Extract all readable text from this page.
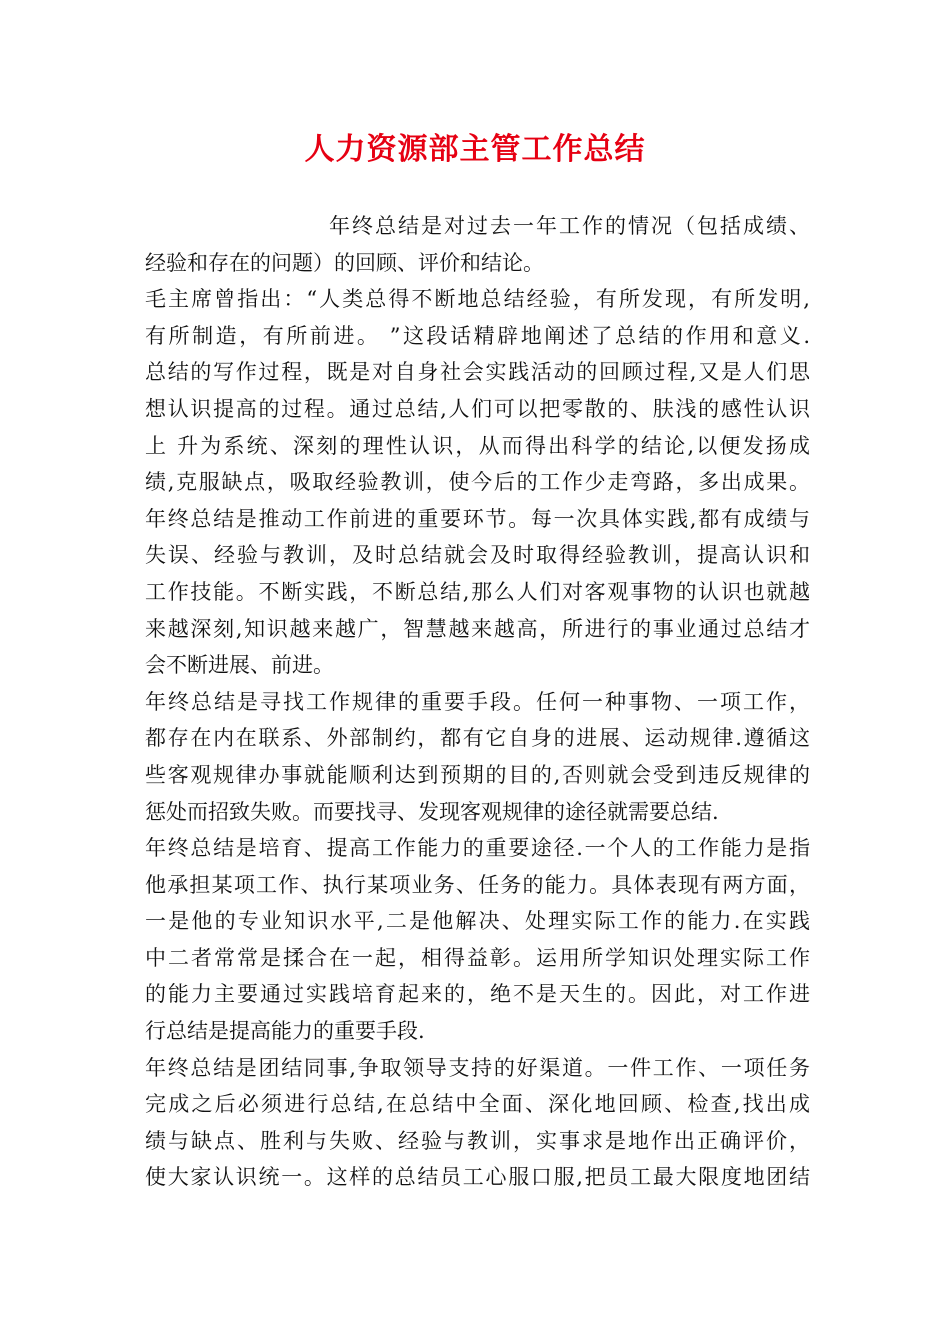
人力资源部主管工作总结
年终总结是对过去一年工作的情况（包括成绩、
经验和存在的问题）的回顾、评价和结论。
毛主席曾指出：“人类总得不断地总结经验，有所发现，有所发明,
有所制造，有所前进。 ”这段话精辟地阐述了总结的作用和意义.
总结的写作过程，既是对自身社会实践活动的回顾过程,又是人们思
想认识提高的过程。通过总结,人们可以把零散的、肤浅的感性认识
上 升为系统、深刻的理性认识，从而得出科学的结论,以便发扬成
绩,克服缺点，吸取经验教训，使今后的工作少走弯路，多出成果。
年终总结是推动工作前进的重要环节。每一次具体实践,都有成绩与
失误、经验与教训，及时总结就会及时取得经验教训，提高认识和
工作技能。不断实践，不断总结,那么人们对客观事物的认识也就越
来越深刻,知识越来越广，智慧越来越高，所进行的事业通过总结才
会不断进展、前进。
年终总结是寻找工作规律的重要手段。任何一种事物、一项工作，
都存在内在联系、外部制约，都有它自身的进展、运动规律.遵循这
些客观规律办事就能顺利达到预期的目的,否则就会受到违反规律的
惩处而招致失败。而要找寻、发现客观规律的途径就需要总结.
年终总结是培育、提高工作能力的重要途径.一个人的工作能力是指
他承担某项工作、执行某项业务、任务的能力。具体表现有两方面，
一是他的专业知识水平,二是他解决、处理实际工作的能力.在实践
中二者常常是揉合在一起，相得益彰。运用所学知识处理实际工作
的能力主要通过实践培育起来的，绝不是天生的。因此，对工作进
行总结是提高能力的重要手段.
年终总结是团结同事,争取领导支持的好渠道。一件工作、一项任务
完成之后必须进行总结,在总结中全面、深化地回顾、检查,找出成
绩与缺点、胜利与失败、经验与教训，实事求是地作出正确评价，
使大家认识统一。这样的总结员工心服口服,把员工最大限度地团结
